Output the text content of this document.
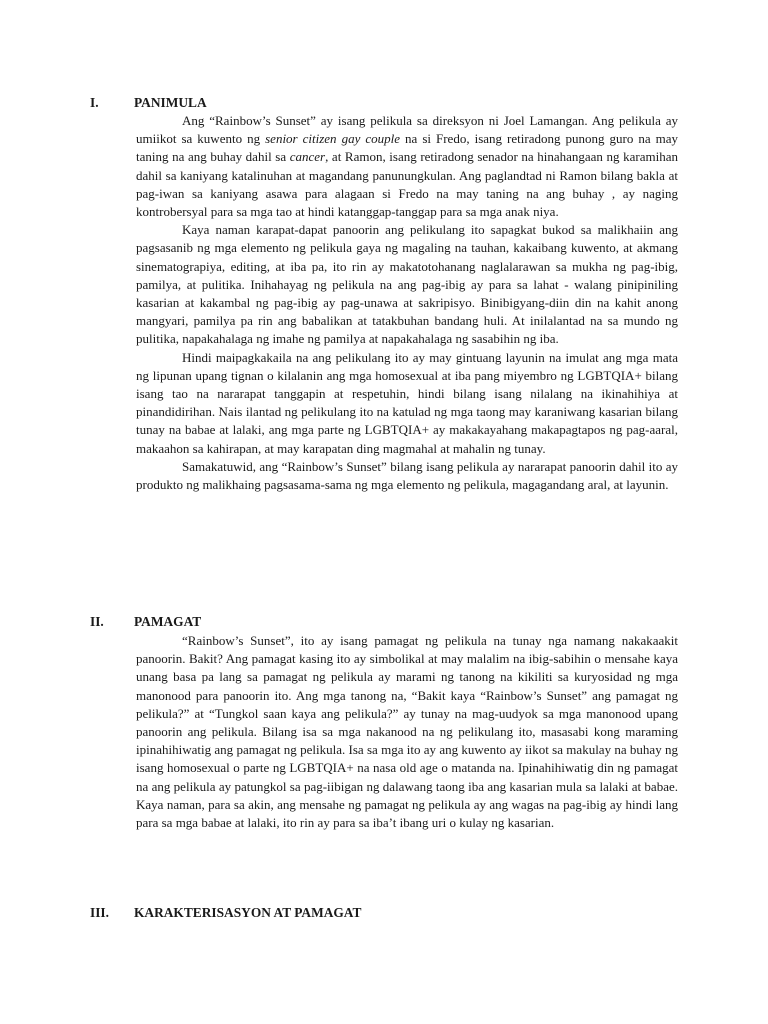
I.	PANIMULA

Ang “Rainbow’s Sunset” ay isang pelikula sa direksyon ni Joel Lamangan. Ang pelikula ay umiikot sa kuwento ng senior citizen gay couple na si Fredo, isang retiradong punong guro na may taning na ang buhay dahil sa cancer, at Ramon, isang retiradong senador na hinahangaan ng karamihan dahil sa kaniyang katalinuhan at magandang panunungkulan. Ang paglandtad ni Ramon bilang bakla at pag-iwan sa kaniyang asawa para alagaan si Fredo na may taning na ang buhay , ay naging kontrobersyal para sa mga tao at hindi katanggap-tanggap para sa mga anak niya.

Kaya naman karapat-dapat panoorin ang pelikulang ito sapagkat bukod sa malikhaiin ang pagsasanib ng mga elemento ng pelikula gaya ng magaling na tauhan, kakaibang kuwento, at akmang sinematograpiya, editing, at iba pa, ito rin ay makatotohanang naglalarawan sa mukha ng pag-ibig, pamilya, at pulitika. Inihahayag ng pelikula na ang pag-ibig ay para sa lahat - walang pinipiniling kasarian at kakambal ng pag-ibig ay pag-unawa at sakripisyo. Binibigyang-diin din na kahit anong mangyari, pamilya pa rin ang babalikan at tatakbuhan bandang huli. At inilalantad na sa mundo ng pulitika, napakahalaga ng imahe ng pamilya at napakahalaga ng sasabihin ng iba.

Hindi maipagkakaila na ang pelikulang ito ay may gintuang layunin na imulat ang mga mata ng lipunan upang tignan o kilalanin ang mga homosexual at iba pang miyembro ng LGBTQIA+ bilang isang tao na nararapat tanggapin at respetuhin, hindi bilang isang nilalang na ikinahihiya at pinandidirihan. Nais ilantad ng pelikulang ito na katulad ng mga taong may karaniwang kasarian bilang tunay na babae at lalaki, ang mga parte ng LGBTQIA+ ay makakayahang makapagtapos ng pag-aaral, makaahon sa kahirapan, at may karapatan ding magmahal at mahalin ng tunay.

Samakatuwid, ang “Rainbow’s Sunset” bilang isang pelikula ay nararapat panoorin dahil ito ay produkto ng malikhaing pagsasama-sama ng mga elemento ng pelikula, magagandang aral, at layunin.

II. PAMAGAT

“Rainbow’s Sunset”, ito ay isang pamagat ng pelikula na tunay nga namang nakakaakit panoorin. Bakit? Ang pamagat kasing ito ay simbolikal at may malalim na ibig-sabihin o mensahe kaya unang basa pa lang sa pamagat ng pelikula ay marami ng tanong na kikiliti sa kuryosidad ng mga manonood para panoorin ito. Ang mga tanong na, “Bakit kaya “Rainbow’s Sunset” ang pamagat ng pelikula?” at “Tungkol saan kaya ang pelikula?” ay tunay na mag-uudyok sa mga manonood upang panoorin ang pelikula. Bilang isa sa mga nakanood na ng pelikulang ito, masasabi kong maraming ipinahihiwatig ang pamagat ng pelikula. Isa sa mga ito ay ang kuwento ay iikot sa makulay na buhay ng isang homosexual o parte ng LGBTQIA+ na nasa old age o matanda na. Ipinahihiwatig din ng pamagat na ang pelikula ay patungkol sa pag-iibigan ng dalawang taong iba ang kasarian mula sa lalaki at babae. Kaya naman, para sa akin, ang mensahe ng pamagat ng pelikula ay ang wagas na pag-ibig ay hindi lang para sa mga babae at lalaki, ito rin ay para sa iba’t ibang uri o kulay ng kasarian.

III. KARAKTERISASYON AT PAMAGAT
